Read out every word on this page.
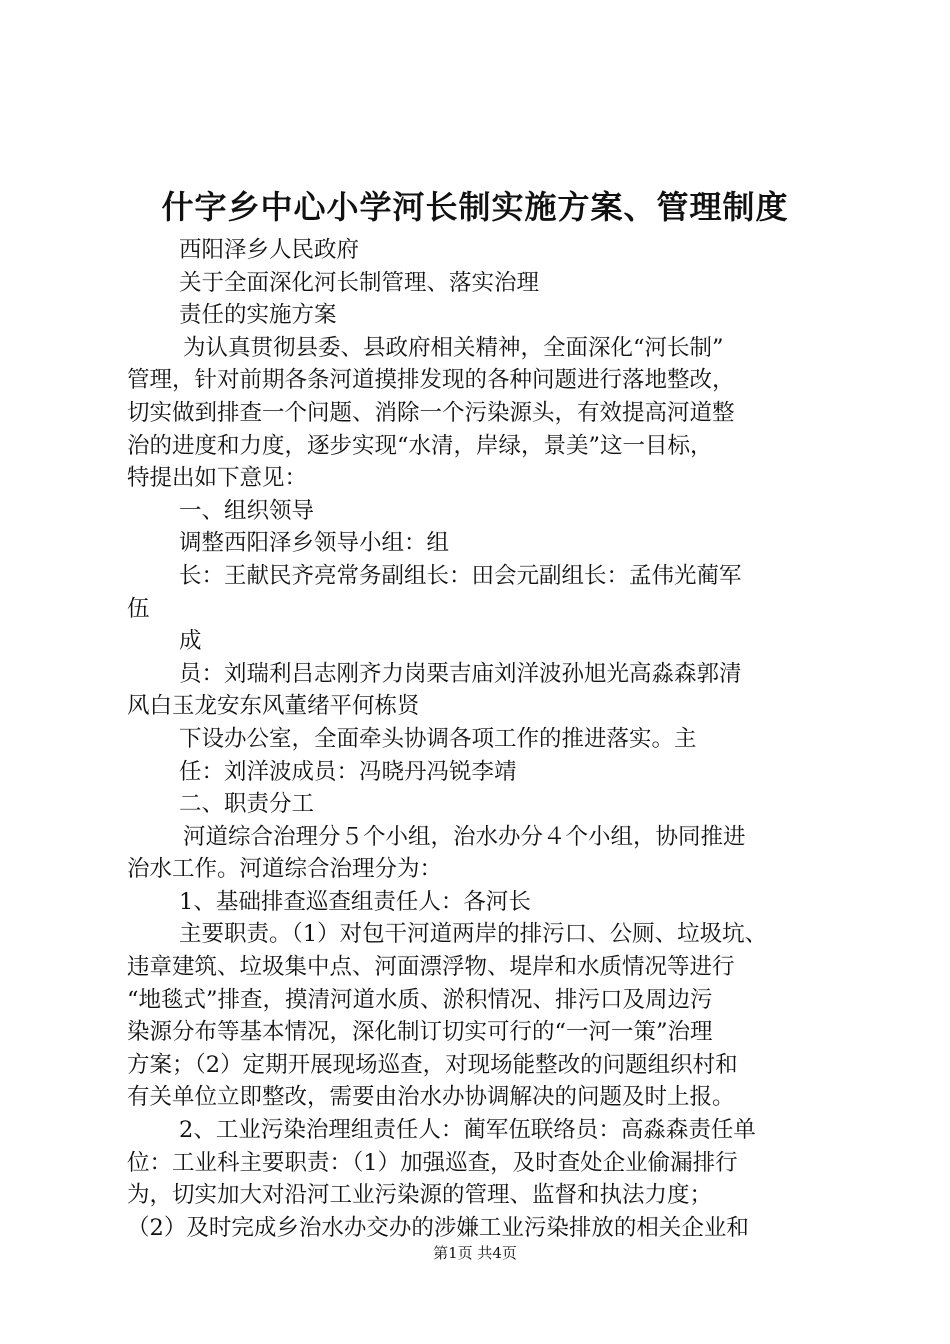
什字乡中心小学河长制实施方案、管理制度
西阳泽乡人民政府
关于全面深化河长制管理、落实治理
责任的实施方案
为认真贯彻县委、县政府相关精神，全面深化“河长制”
管理，针对前期各条河道摸排发现的各种问题进行落地整改，
切实做到排查一个问题、消除一个污染源头，有效提高河道整
治的进度和力度，逐步实现“水清，岸绿，景美”这一目标，
特提出如下意见：
一、组织领导
调整西阳泽乡领导小组：组
长：王献民齐亮常务副组长：田会元副组长：孟伟光蔺军
伍
成
员：刘瑞利吕志刚齐力岗栗吉庙刘洋波孙旭光高淼森郭清
风白玉龙安东风董绪平何栋贤
下设办公室，全面牵头协调各项工作的推进落实。主
任：刘洋波成员：冯晓丹冯锐李靖
二、职责分工
河道综合治理分５个小组，治水办分４个小组，协同推进
治水工作。河道综合治理分为：
1、基础排查巡查组责任人：各河长
主要职责。（1）对包干河道两岸的排污口、公厕、垃圾坑、
违章建筑、垃圾集中点、河面漂浮物、堤岸和水质情况等进行
“地毯式”排查，摸清河道水质、淤积情况、排污口及周边污
染源分布等基本情况，深化制订切实可行的“一河一策”治理
方案；（2）定期开展现场巡查，对现场能整改的问题组织村和
有关单位立即整改，需要由治水办协调解决的问题及时上报。
2、工业污染治理组责任人：蔺军伍联络员：高淼森责任单
位：工业科主要职责：（1）加强巡查，及时查处企业偷漏排行
为，切实加大对沿河工业污染源的管理、监督和执法力度；
（2）及时完成乡治水办交办的涉嫌工业污染排放的相关企业和
第1页 共4页
